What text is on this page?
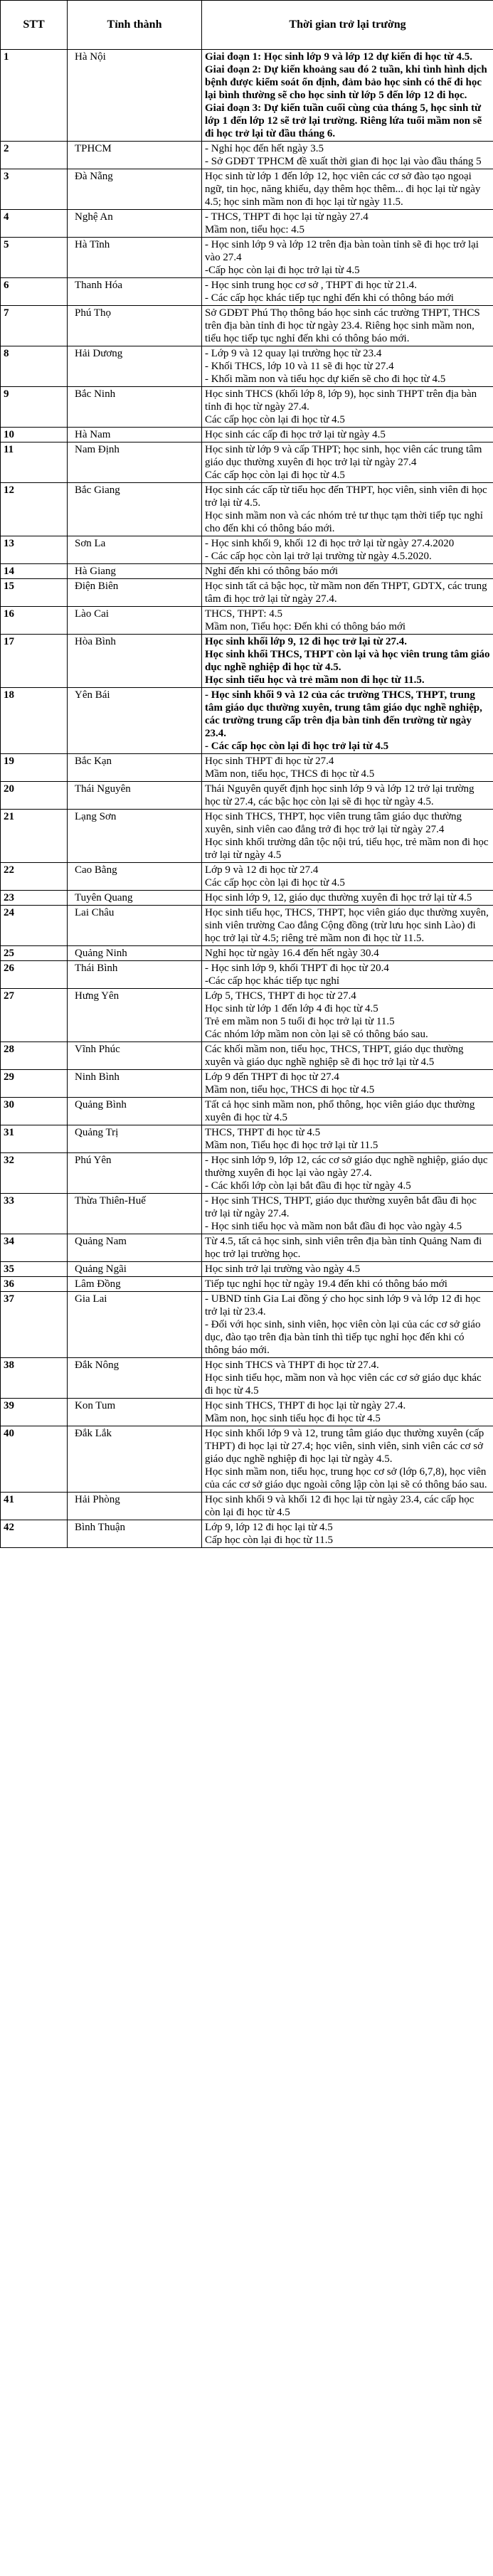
STT	Tỉnh thành	Thời gian trở lại trường
1	Hà Nội	Giai đoạn 1: Học sinh lớp 9 và lớp 12 dự kiến đi học từ 4.5.
Giai đoạn 2: Dự kiến khoảng sau đó 2 tuần, khi tình hình dịch bệnh được kiểm soát ổn định, đảm bảo học sinh có thể đi học lại bình thường sẽ cho học sinh từ lớp 5 đến lớp 12 đi học.
Giai đoạn 3: Dự kiến tuần cuối cùng của tháng 5, học sinh từ lớp 1 đến lớp 12 sẽ trở lại trường. Riêng lứa tuổi mầm non sẽ đi học trở lại từ đầu tháng 6.

2	TPHCM	- Nghỉ học đến hết ngày 3.5
- Sở GDĐT TPHCM đề xuất thời gian đi học lại vào đầu tháng 5

3	Đà Nẵng	Học sinh từ lớp 1 đến lớp 12, học viên các cơ sở đào tạo ngoại ngữ, tin học, năng khiếu, dạy thêm học thêm... đi học lại từ ngày 4.5; học sinh mầm non đi học lại từ ngày 11.5.

4	Nghệ An	- THCS, THPT đi học lại từ ngày 27.4
Mầm non, tiểu học: 4.5

5	Hà Tĩnh	- Học sinh lớp 9 và lớp 12 trên địa bàn toàn tỉnh sẽ đi học trở lại vào 27.4
-Cấp học còn lại đi học trở lại từ 4.5

6	Thanh Hóa	- Học sinh trung học cơ sở , THPT đi học từ 21.4.
- Các cấp học khác tiếp tục nghỉ đến khi có thông báo mới

7	Phú Thọ	Sở GDĐT Phú Thọ thông báo học sinh các trường THPT, THCS trên địa bàn tỉnh đi học từ ngày 23.4. Riêng học sinh mầm non, tiểu học tiếp tục nghỉ đến khi có thông báo mới.

8	Hải Dương	- Lớp 9 và 12 quay lại trường học từ 23.4
- Khối THCS, lớp 10 và 11 sẽ đi học từ 27.4
- Khối mầm non và tiểu học dự kiến sẽ cho đi học từ 4.5

9	Bắc Ninh	Học sinh THCS (khối lớp 8, lớp 9), học sinh THPT trên địa bàn tỉnh đi học từ ngày 27.4.
Các cấp học còn lại đi học từ 4.5

10	Hà Nam	Học sinh các cấp đi học trở lại từ ngày 4.5

11	Nam Định	Học sinh từ lớp 9 và cấp THPT; học sinh, học viên các trung tâm giáo dục thường xuyên đi học trở lại từ ngày 27.4
Các cấp học còn lại đi học từ 4.5

12	Bắc Giang	Học sinh các cấp từ tiểu học đến THPT, học viên, sinh viên đi học trở lại từ 4.5.
Học sinh mầm non và các nhóm trẻ tư thục tạm thời tiếp tục nghỉ cho đến khi có thông báo mới.

13	Sơn La	- Học sinh khối 9, khối 12 đi học trở lại từ ngày 27.4.2020
- Các cấp học còn lại trở lại trường từ ngày 4.5.2020.

14	Hà Giang	Nghỉ đến khi có thông báo mới

15	Điện Biên	Học sinh tất cả bậc học, từ mầm non đến THPT, GDTX, các trung tâm đi học trở lại từ ngày 27.4.

16	Lào Cai	THCS, THPT: 4.5
Mầm non, Tiểu học: Đến khi có thông báo mới

17	Hòa Bình	Học sinh khối lớp 9, 12 đi học trở lại từ 27.4.
Học sinh khối THCS, THPT còn lại và học viên trung tâm giáo dục nghề nghiệp đi học từ 4.5.
Học sinh tiểu học và trẻ mầm non đi học từ 11.5.

18	Yên Bái	- Học sinh khối 9 và 12 của các trường THCS, THPT, trung tâm giáo dục thường xuyên, trung tâm giáo dục nghề nghiệp, các trường trung cấp trên địa bàn tỉnh đến trường từ ngày 23.4.
- Các cấp học còn lại đi học trở lại từ 4.5

19	Bắc Kạn	Học sinh THPT đi học từ 27.4
Mầm non, tiểu học, THCS đi học từ 4.5

20	Thái Nguyên	Thái Nguyên quyết định học sinh lớp 9 và lớp 12 trở lại trường học từ 27.4, các bậc học còn lại sẽ đi học từ ngày 4.5.

21	Lạng Sơn	Học sinh THCS, THPT, học viên trung tâm giáo dục thường xuyên, sinh viên cao đẳng trở đi học trở lại từ ngày 27.4
Học sinh khối trường dân tộc nội trú, tiểu học, trẻ mầm non đi học trở lại từ ngày 4.5

22	Cao Bằng	Lớp 9 và 12 đi học từ 27.4
Các cấp học còn lại đi học từ 4.5

23	Tuyên Quang	Học sinh lớp 9, 12, giáo dục thường xuyên đi học trở lại từ 4.5

24	Lai Châu	Học sinh tiểu học, THCS, THPT, học viên giáo dục thường xuyên, sinh viên trường Cao đẳng Cộng đồng (trừ lưu học sinh Lào) đi học trở lại từ 4.5; riêng trẻ mầm non đi học từ 11.5.

25	Quảng Ninh	Nghỉ học từ ngày 16.4 đến hết ngày 30.4

26	Thái Bình	- Học sinh lớp 9, khối THPT đi học từ 20.4
-Các cấp học khác tiếp tục nghỉ

27	Hưng Yên	Lớp 5, THCS, THPT đi học từ 27.4
Học sinh từ lớp 1 đến lớp 4 đi học từ 4.5
Trẻ em mầm non 5 tuổi đi học trở lại từ 11.5
Các nhóm lớp mầm non còn lại sẽ có thông báo sau.

28	Vĩnh Phúc	Các khối mầm non, tiểu học, THCS, THPT, giáo dục thường xuyên và giáo dục nghề nghiệp sẽ đi học trở lại từ 4.5

29	Ninh Bình	Lớp 9 đến THPT đi học từ 27.4
Mầm non, tiểu học, THCS đi học từ 4.5

30	Quảng Bình	Tất cả học sinh mầm non, phổ thông, học viên giáo dục thường xuyên đi học từ 4.5

31	Quảng Trị	THCS, THPT đi học từ 4.5
Mầm non, Tiểu học đi học trở lại từ 11.5

32	Phú Yên	- Học sinh lớp 9, lớp 12, các cơ sở giáo dục nghề nghiệp, giáo dục thường xuyên đi học lại vào ngày 27.4.
- Các khối lớp còn lại bắt đầu đi học từ ngày 4.5

33	Thừa Thiên-Huế	- Học sinh THCS, THPT, giáo dục thường xuyên bắt đầu đi học trở lại từ ngày 27.4.
- Học sinh tiểu học và mầm non bắt đầu đi học vào ngày 4.5

34	Quảng Nam	Từ 4.5, tất cả học sinh, sinh viên trên địa bàn tỉnh Quảng Nam đi học trở lại trường học.

35	Quảng Ngãi	Học sinh trở lại trường vào ngày 4.5

36	Lâm Đồng	Tiếp tục nghỉ học từ ngày 19.4 đến khi có thông báo mới

37	Gia Lai	- UBND tỉnh Gia Lai đồng ý cho học sinh lớp 9 và lớp 12 đi học trở lại từ 23.4.
- Đối với học sinh, sinh viên, học viên còn lại của các cơ sở giáo dục, đào tạo trên địa bàn tỉnh thì tiếp tục nghỉ học đến khi có thông báo mới.

38	Đắk Nông	Học sinh THCS và THPT đi học từ 27.4.
Học sinh tiểu học, mầm non và học viên các cơ sở giáo dục khác đi học từ 4.5

39	Kon Tum	Học sinh THCS, THPT đi học lại từ ngày 27.4.
Mầm non, học sinh tiểu học đi học từ 4.5

40	Đắk Lắk	Học sinh khối lớp 9 và 12, trung tâm giáo dục thường xuyên (cấp THPT) đi học lại từ 27.4; học viên, sinh viên, sinh viên các cơ sở giáo dục nghề nghiệp đi học lại từ ngày 4.5.
Học sinh mầm non, tiểu học, trung học cơ sở (lớp 6,7,8), học viên của các cơ sở giáo dục ngoài công lập còn lại sẽ có thông báo sau.

41	Hải Phòng	Học sinh khối 9 và khối 12 đi học lại từ ngày 23.4, các cấp học còn lại đi học từ 4.5

42	Bình Thuận	Lớp 9, lớp 12 đi học lại từ 4.5
Cấp học còn lại đi học từ 11.5
